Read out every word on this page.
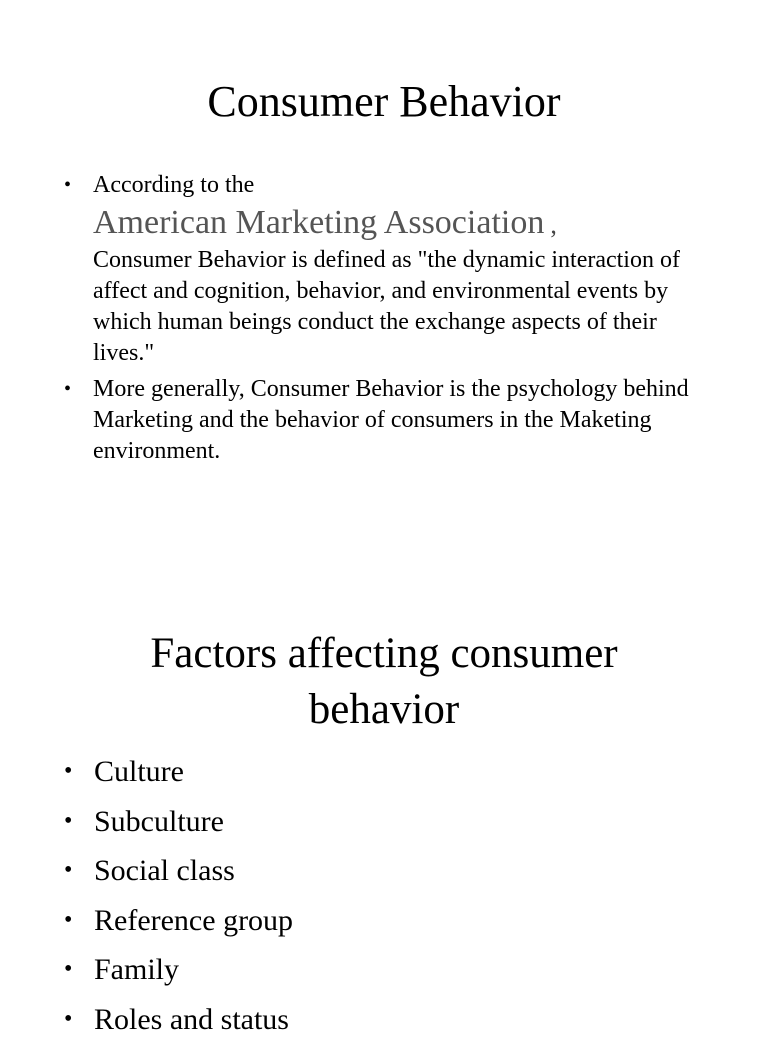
Consumer Behavior
• According to the
American Marketing Association ,
Consumer Behavior is defined as "the dynamic interaction of affect and cognition, behavior, and environmental events by which human beings conduct the exchange aspects of their lives."
• More generally, Consumer Behavior is the psychology behind Marketing and the behavior of consumers in the Maketing environment.
Factors affecting consumer behavior
• Culture
• Subculture
• Social class
• Reference group
• Family
• Roles and status
